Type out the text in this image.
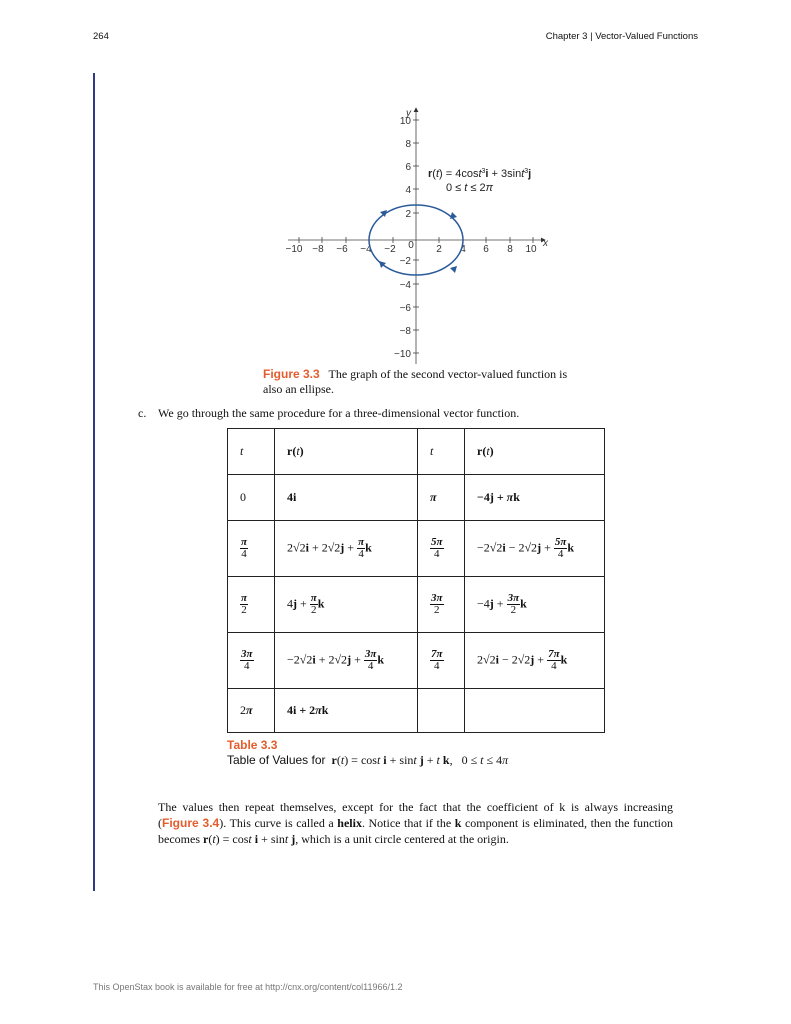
264	Chapter 3 | Vector-Valued Functions
−10 −8 −6 −4 −2 0 2 4 6 8 10
x
y
10
8
6
4
2
−2
−4
−6
−8
−10
r(t) = 4cost$^3$i + 3sint$^3$j
0 ≤ t ≤ 2π
Figure 3.3 The graph of the second vector-valued function is also an ellipse.
c. We go through the same procedure for a three-dimensional vector function.
t	r(t)	t	r(t)
0	4i	π	−4j + πk

$\frac{\pi}{4}$	$2√2i + 2√2j + \frac{\pi}{4}$ k	$\frac{5\pi}{4}$	$-2√2i - 2√2j + \frac{5\pi}{4}$ k

$\frac{\pi}{2}$	$4j + \frac{\pi}{2}$ k	$\frac{3\pi}{2}$	$-4j + \frac{3\pi}{2}$ k

$\frac{3\pi}{4}$	$-2√2i + 2√2j + \frac{3\pi}{4}$ k	$\frac{7\pi}{4}$	$2√2i - 2√2j + \frac{7\pi}{4}$ k
2π	4i + 2πk		
Table 3.3
Table of Values for r(t) = cost i + sint j + t k,   0 ≤ t ≤ 4π
The values then repeat themselves, except for the fact that the coefficient of k is always increasing (Figure 3.4). This curve is called a helix. Notice that if the k component is eliminated, then the function becomes r(t) = cost i + sint j, which is a unit circle centered at the origin.
This OpenStax book is available for free at http://cnx.org/content/col11966/1.2
